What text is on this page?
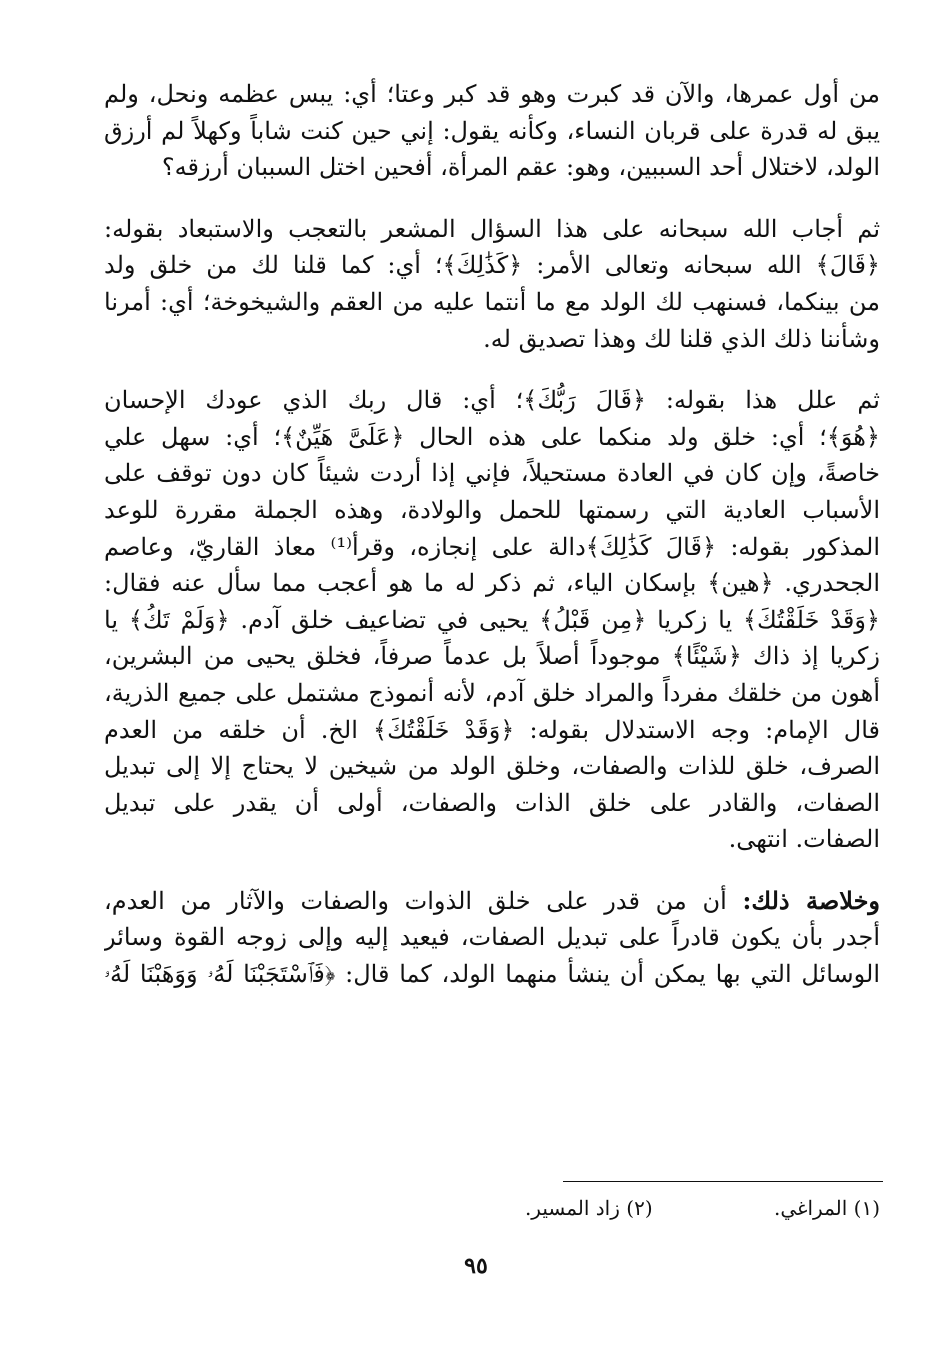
من أول عمرها، والآن قد كبرت وهو قد كبر وعتا؛ أي: يبس عظمه ونحل، ولم
يبق له قدرة على قربان النساء، وكأنه يقول: إني حين كنت شاباً وكهلاً لم أرزق
الولد، لاختلال أحد السببين، وهو: عقم المرأة، أفحين اختل السببان أرزقه؟
ثم أجاب الله سبحانه على هذا السؤال المشعر بالتعجب والاستبعاد بقوله:
﴿قَالَ﴾ الله سبحانه وتعالى الأمر: ﴿كَذَٰلِكَ﴾؛ أي: كما قلنا لك من خلق ولد
من بينكما، فسنهب لك الولد مع ما أنتما عليه من العقم والشيخوخة؛ أي: أمرنا
وشأننا ذلك الذي قلنا لك وهذا تصديق له.
ثم علل هذا بقوله: ﴿قَالَ رَبُّكَ﴾؛ أي: قال ربك الذي عودك الإحسان
﴿هُوَ﴾؛ أي: خلق ولد منكما على هذه الحال ﴿عَلَىَّ هَيِّنٌ﴾؛ أي: سهل علي
خاصةً، وإن كان في العادة مستحيلاً، فإني إذا أردت شيئاً كان دون توقف على
الأسباب العادية التي رسمتها للحمل والولادة، وهذه الجملة مقررة للوعد
المذكور بقوله: ﴿قَالَ كَذَٰلِكَ﴾دالة على إنجازه، وقرأ⁽¹⁾ معاذ القاريّ، وعاصم
الجحدري. ﴿هين﴾ بإسكان الياء، ثم ذكر له ما هو أعجب مما سأل عنه فقال:
﴿وَقَدْ خَلَقْتُكَ﴾ يا زكريا ﴿مِن قَبْلُ﴾ يحيى في تضاعيف خلق آدم. ﴿وَلَمْ تَكُ﴾ يا
زكريا إذ ذاك ﴿شَيْئًا﴾ موجوداً أصلاً بل عدماً صرفاً، فخلق يحيى من البشرين،
أهون من خلقك مفرداً والمراد خلق آدم، لأنه أنموذج مشتمل على جميع الذرية،
قال الإمام: وجه الاستدلال بقوله: ﴿وَقَدْ خَلَقْتُكَ﴾ الخ. أن خلقه من العدم
الصرف، خلق للذات والصفات، وخلق الولد من شيخين لا يحتاج إلا إلى تبديل
الصفات، والقادر على خلق الذات والصفات، أولى أن يقدر على تبديل
الصفات. انتهى.
وخلاصة ذلك: أن من قدر على خلق الذوات والصفات والآثار من العدم،
أجدر بأن يكون قادراً على تبديل الصفات، فيعيد إليه وإلى زوجه القوة وسائر
الوسائل التي بها يمكن أن ينشأ منهما الولد، كما قال: ﴿فَٱسْتَجَبْنَا لَهُۥ وَوَهَبْنَا لَهُۥ
(١) المراغي. (٢) زاد المسير.
٩٥
